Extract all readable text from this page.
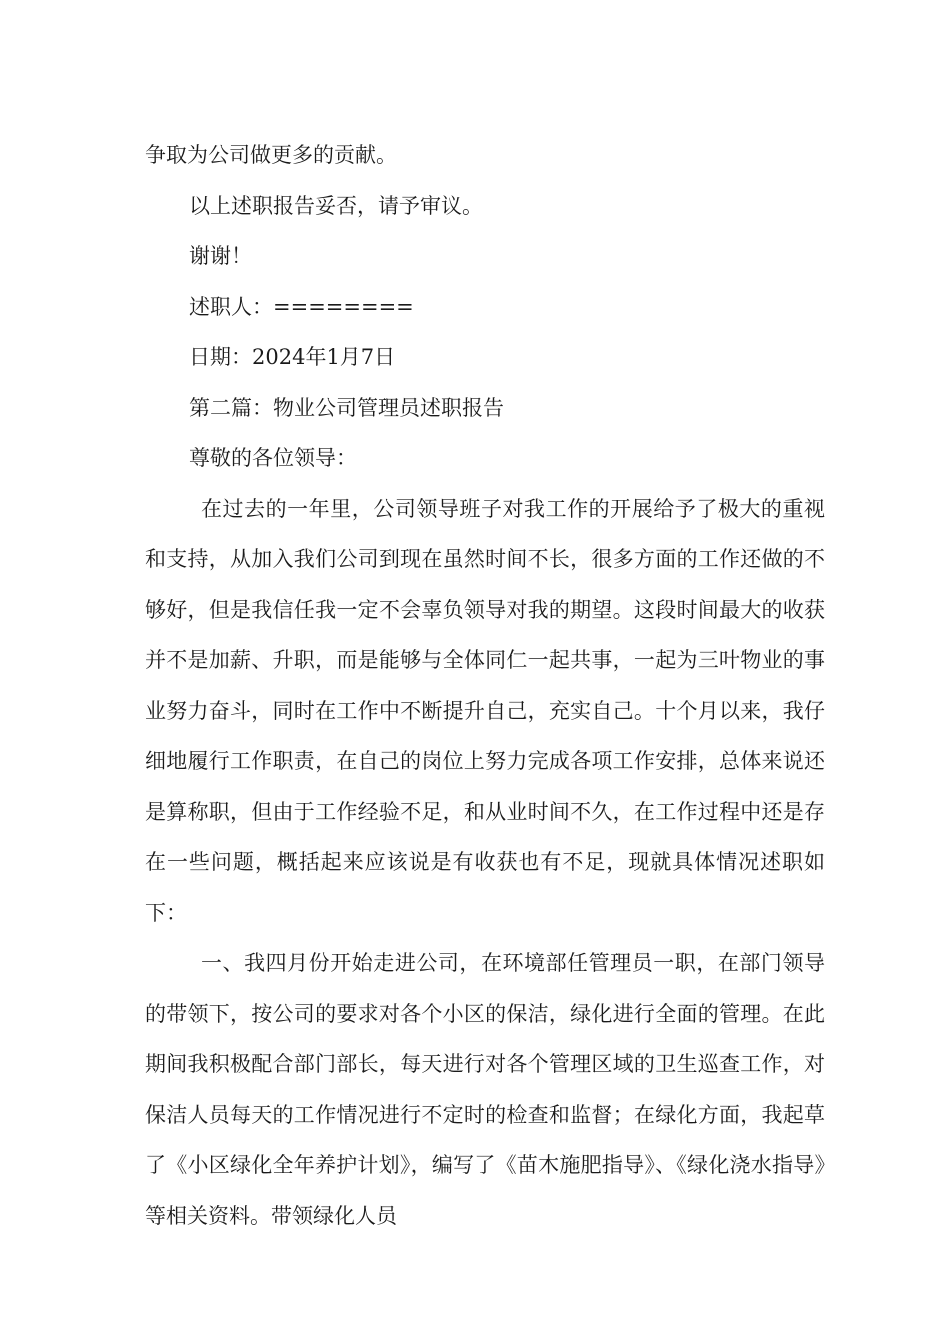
争取为公司做更多的贡献。

以上述职报告妥否，请予审议。

谢谢！

述职人：========

日期：2024年1月7日

第二篇：物业公司管理员述职报告

尊敬的各位领导：

在过去的一年里，公司领导班子对我工作的开展给予了极大的重视和支持，从加入我们公司到现在虽然时间不长，很多方面的工作还做的不够好，但是我信任我一定不会辜负领导对我的期望。这段时间最大的收获并不是加薪、升职，而是能够与全体同仁一起共事，一起为三叶物业的事业努力奋斗，同时在工作中不断提升自己，充实自己。十个月以来，我仔细地履行工作职责，在自己的岗位上努力完成各项工作安排，总体来说还是算称职，但由于工作经验不足，和从业时间不久，在工作过程中还是存在一些问题，概括起来应该说是有收获也有不足，现就具体情况述职如下：

一、我四月份开始走进公司，在环境部任管理员一职，在部门领导的带领下，按公司的要求对各个小区的保洁，绿化进行全面的管理。在此期间我积极配合部门部长，每天进行对各个管理区域的卫生巡查工作，对保洁人员每天的工作情况进行不定时的检查和监督；在绿化方面，我起草了《小区绿化全年养护计划》，编写了《苗木施肥指导》、《绿化浇水指导》等相关资料。带领绿化人员
